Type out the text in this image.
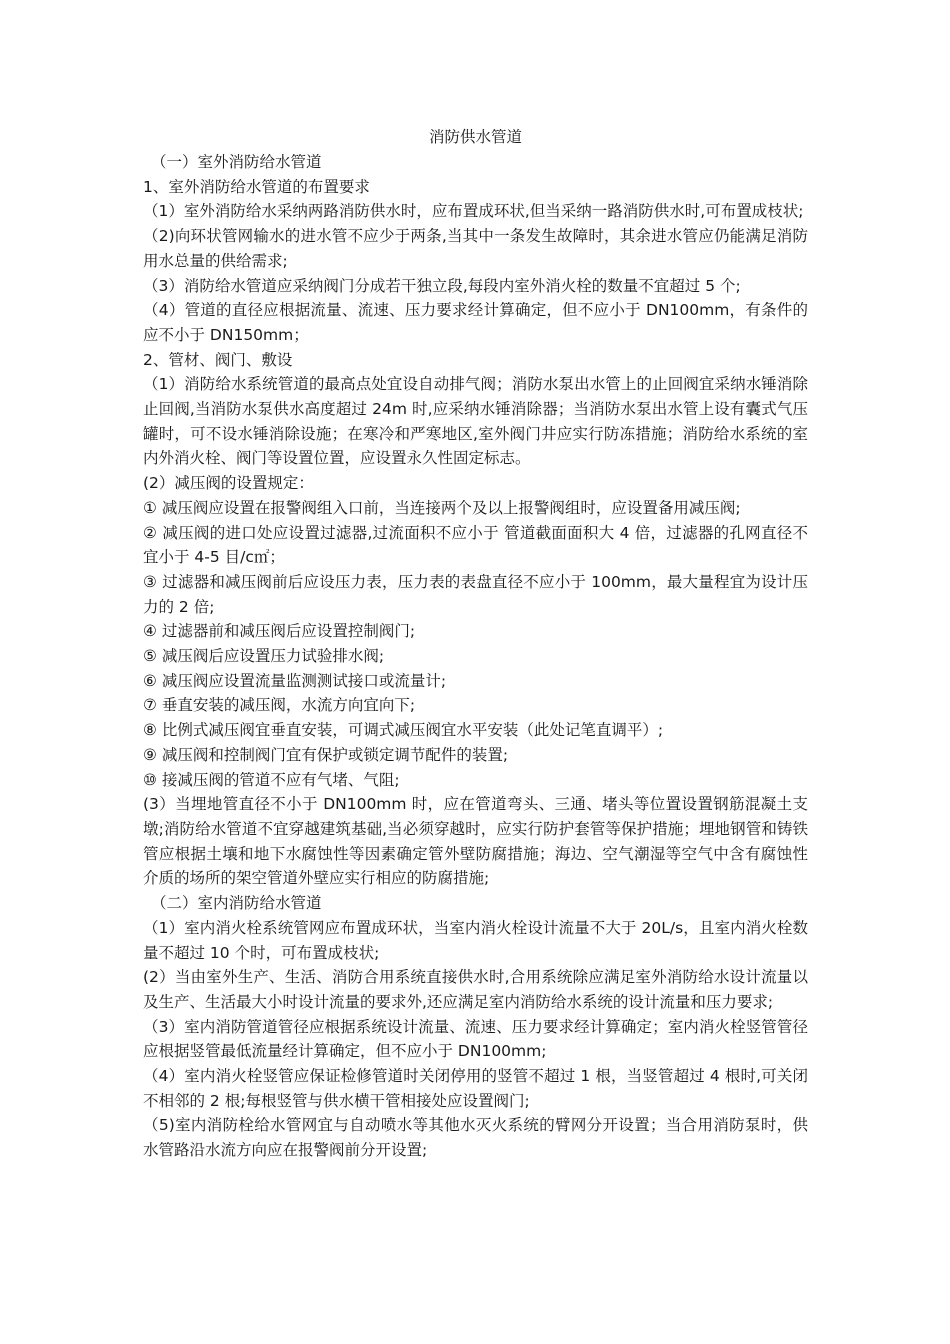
消防供水管道

（一）室外消防给水管道

1、室外消防给水管道的布置要求

（1）室外消防给水采纳两路消防供水时，应布置成环状,但当采纳一路消防供水时,可布置成枝状;

（2)向环状管网输水的进水管不应少于两条,当其中一条发生故障时，其余进水管应仍能满足消防用水总量的供给需求;

（3）消防给水管道应采纳阀门分成若干独立段,每段内室外消火栓的数量不宜超过 5 个;

（4）管道的直径应根据流量、流速、压力要求经计算确定，但不应小于 DN100mm，有条件的应不小于 DN150mm；

2、管材、阀门、敷设

（1）消防给水系统管道的最高点处宜设自动排气阀；消防水泵出水管上的止回阀宜采纳水锤消除止回阀,当消防水泵供水高度超过 24m 时,应采纳水锤消除器；当消防水泵出水管上设有囊式气压罐时，可不设水锤消除设施；在寒冷和严寒地区,室外阀门井应实行防冻措施；消防给水系统的室内外消火栓、阀门等设置位置，应设置永久性固定标志。

(2）减压阀的设置规定：

① 减压阀应设置在报警阀组入口前，当连接两个及以上报警阀组时，应设置备用减压阀;

② 减压阀的进口处应设置过滤器,过流面积不应小于 管道截面面积大 4 倍，过滤器的孔网直径不宜小于 4-5 目/c㎡；

③ 过滤器和减压阀前后应设压力表，压力表的表盘直径不应小于 100mm，最大量程宜为设计压力的 2 倍;

④ 过滤器前和减压阀后应设置控制阀门;

⑤ 减压阀后应设置压力试验排水阀;

⑥ 减压阀应设置流量监测测试接口或流量计;

⑦ 垂直安装的减压阀，水流方向宜向下;

⑧ 比例式减压阀宜垂直安装，可调式减压阀宜水平安装（此处记笔直调平）;

⑨ 减压阀和控制阀门宜有保护或锁定调节配件的装置;

⑩ 接减压阀的管道不应有气堵、气阻;

(3）当埋地管直径不小于 DN100mm 时，应在管道弯头、三通、堵头等位置设置钢筋混凝土支墩;消防给水管道不宜穿越建筑基础,当必须穿越时，应实行防护套管等保护措施；埋地钢管和铸铁管应根据土壤和地下水腐蚀性等因素确定管外壁防腐措施；海边、空气潮湿等空气中含有腐蚀性介质的场所的架空管道外壁应实行相应的防腐措施;

（二）室内消防给水管道

（1）室内消火栓系统管网应布置成环状，当室内消火栓设计流量不大于 20L/s，且室内消火栓数量不超过 10 个时，可布置成枝状;

(2）当由室外生产、生活、消防合用系统直接供水时,合用系统除应满足室外消防给水设计流量以及生产、生活最大小时设计流量的要求外,还应满足室内消防给水系统的设计流量和压力要求;

（3）室内消防管道管径应根据系统设计流量、流速、压力要求经计算确定；室内消火栓竖管管径应根据竖管最低流量经计算确定，但不应小于 DN100mm;

（4）室内消火栓竖管应保证检修管道时关闭停用的竖管不超过 1 根，当竖管超过 4 根时,可关闭不相邻的 2 根;每根竖管与供水横干管相接处应设置阀门;

（5)室内消防栓给水管网宜与自动喷水等其他水灭火系统的臂网分开设置；当合用消防泵时，供水管路沿水流方向应在报警阀前分开设置;
